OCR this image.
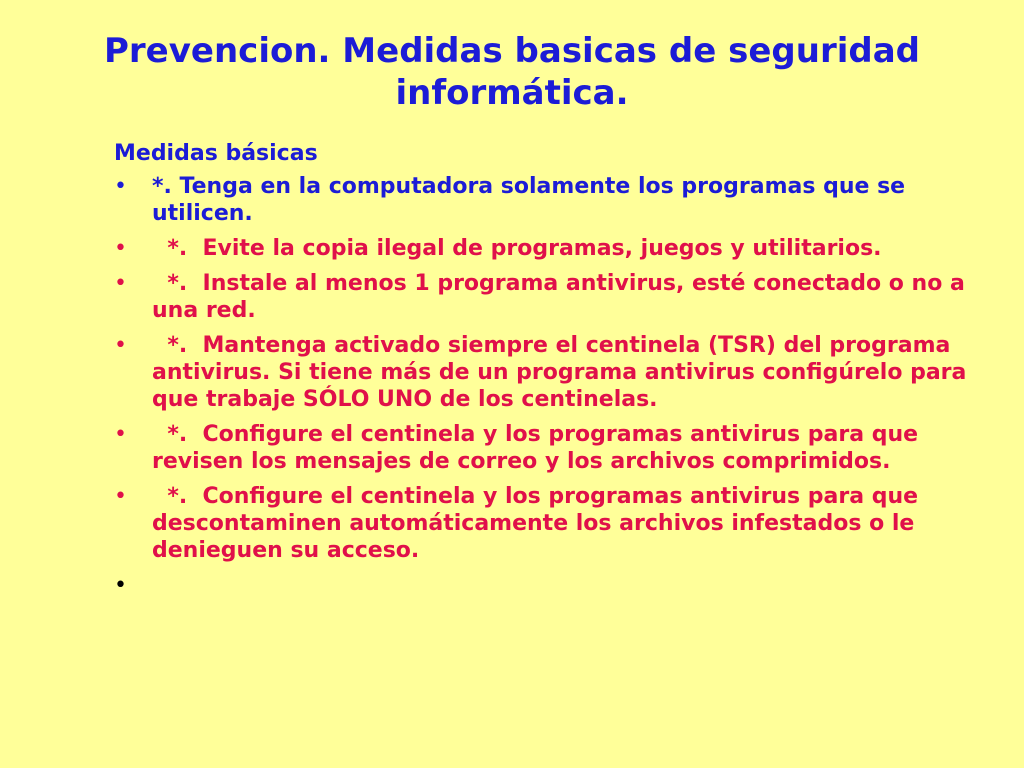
Prevencion. Medidas basicas de seguridad informática.

Medidas básicas

• *. Tenga en la computadora solamente los programas que se utilicen.
• *.  Evite la copia ilegal de programas, juegos y utilitarios.
• *.  Instale al menos 1 programa antivirus, esté conectado o no a una red.
• *.  Mantenga activado siempre el centinela (TSR) del programa antivirus. Si tiene más de un programa antivirus configúrelo para que trabaje SÓLO UNO de los centinelas.
• *.  Configure el centinela y los programas antivirus para que revisen los mensajes de correo y los archivos comprimidos.
• *.  Configure el centinela y los programas antivirus para que descontaminen automáticamente los archivos infestados o le denieguen su acceso.
•
